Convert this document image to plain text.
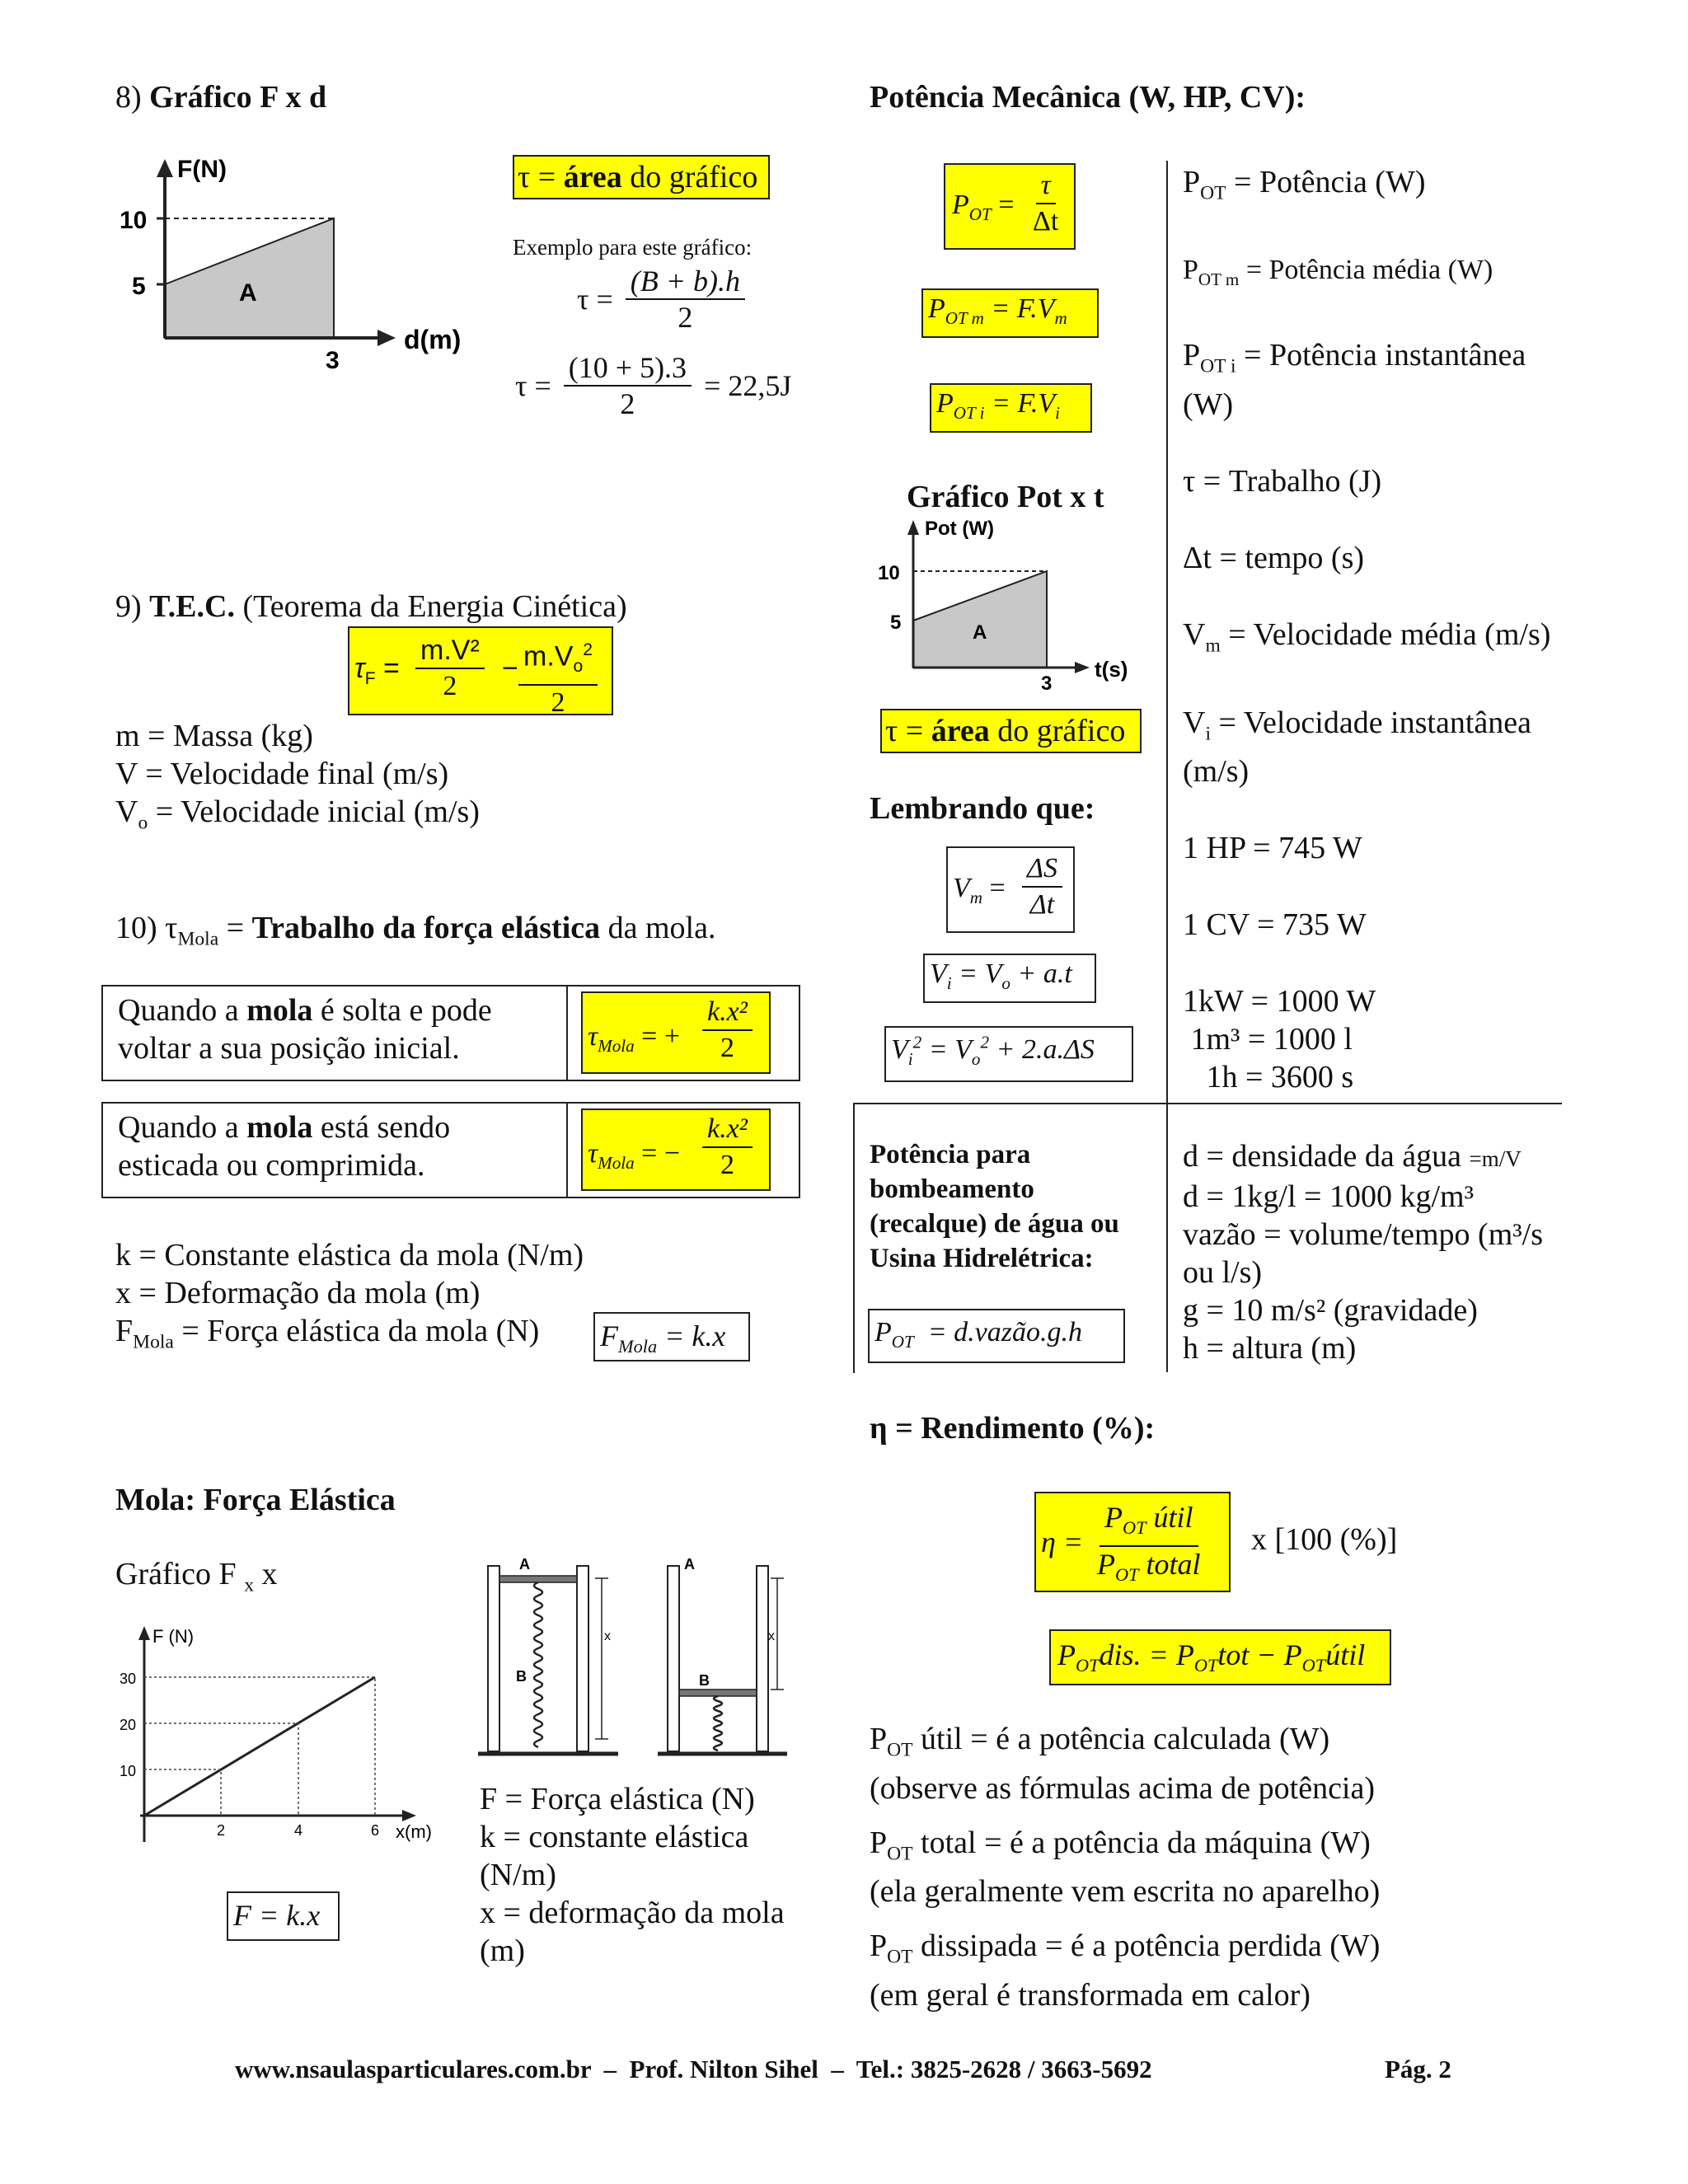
8) Gráfico F x d
F(N)
10
5
3
d(m)
A
τ = área do gráfico
Exemplo para este gráfico:
$\tau = \frac{(B + b).h}{2}$
$\tau = \frac{(10 + 5).3}{2} = 22,5J$
9) T.E.C. (Teorema da Energia Cinética)
$\tau_F = \frac{\text{m.V²}}{2} - \frac{m.V_o^2}{2}$
m = Massa (kg)
V = Velocidade final (m/s)
$V_o$ = Velocidade inicial (m/s)
10) $\tau_{Mola}$ = Trabalho da força elástica da mola.
Quando a mola é solta e pode voltar a sua posição inicial.	$\tau_{Mola}$ = + $\frac{\text{k.x²}}{2}$
Quando a mola está sendo esticada ou comprimida.	$\tau_{Mola}$ = − $\frac{\text{k.x²}}{2}$
k = Constante elástica da mola (N/m)
x = Deformação da mola (m)
$F_{Mola}$ = Força elástica da mola (N)	$F_{Mola} = k.x$
Mola: Força Elástica
Gráfico F $_x$ x
F (N)
30
20
10
2	4	6 x(m)
F = k.x
A
B
x
A
B
x
F = Força elástica (N)
k = constante elástica (N/m)
x = deformação da mola (m)
Potência Mecânica (W, HP, CV):
$P_{OT} = \frac{\tau}{\Delta t}$
$P_{OT m} = F.V_m$
$P_{OT i} = F.V_i$
Gráfico Pot x t
Pot (W)
10
5
3
t(s)
A
τ = área do gráfico
Lembrando que:
$V_m = \frac{\Delta S}{\Delta t}$
$V_i = V_o + a.t$
$V_i^2 = V_o^2 + 2.a.\Delta S$
$P_{OT}$ = Potência (W)
$P_{OT m}$ = Potência média (W)
$P_{OT i}$ = Potência instantânea (W)
τ = Trabalho (J)
Δt = tempo (s)
$V_m$ = Velocidade média (m/s)
$V_i$ = Velocidade instantânea (m/s)
1 HP = 745 W
1 CV = 735 W
1kW = 1000 W
1m³ = 1000 l
1h = 3600 s
Potência para bombeamento (recalque) de água ou Usina Hidrelétrica:
$P_{OT}$  = d.vazão.g.h
d = densidade da água =m/V
d = 1kg/l = 1000 kg/m³
vazão = volume/tempo (m³/s ou l/s)
g = 10 m/s² (gravidade)
h = altura (m)
η = Rendimento (%):
η =
$P_{OT}$ útil
$P_{OT}$ total
x [100 (%)]
$P_{OT}dis$. = $P_{OT}tot$ − $P_{OT}útil$
$P_{OT}$ útil = é a potência calculada (W)
(observe as fórmulas acima de potência)
$P_{OT}$ total = é a potência da máquina (W)
(ela geralmente vem escrita no aparelho)
$P_{OT}$ dissipada = é a potência perdida (W)
(em geral é transformada em calor)
www.nsaulasparticulares.com.br  –  Prof. Nilton Sihel  –  Tel.: 3825-2628 / 3663-5692	Pág. 2
